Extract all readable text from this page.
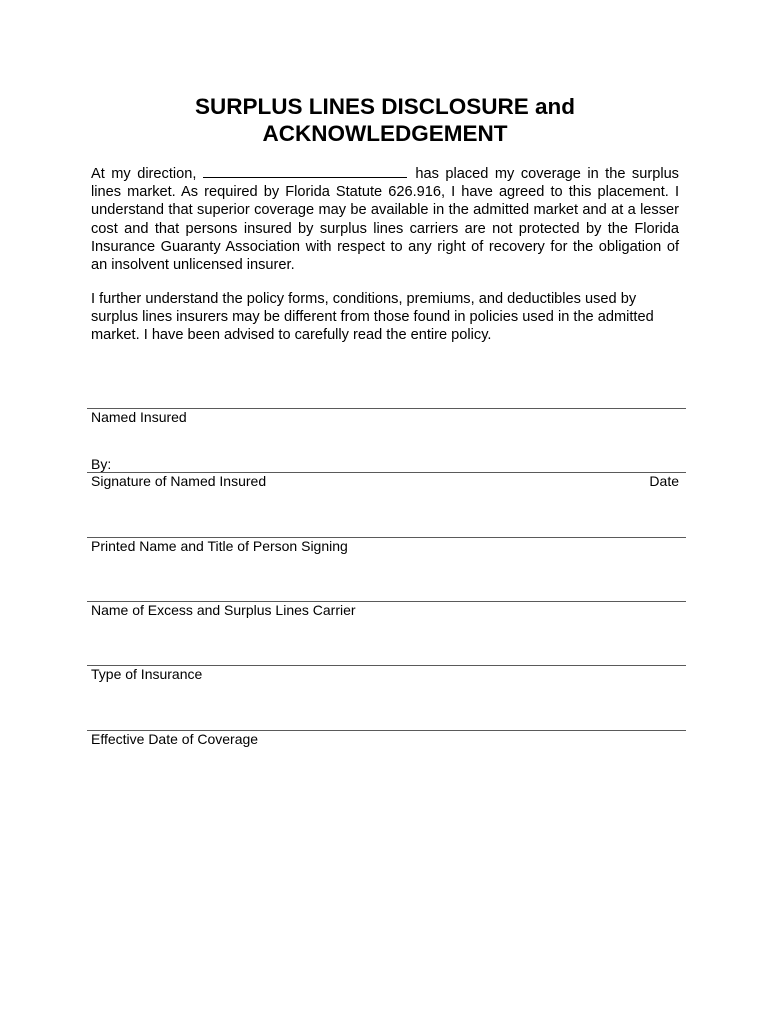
SURPLUS LINES DISCLOSURE and
ACKNOWLEDGEMENT
At my direction,	has placed my coverage in the surplus lines market. As required by Florida Statute 626.916, I have agreed to this placement. I understand that superior coverage may be available in the admitted market and at a lesser cost and that persons insured by surplus lines carriers are not protected by the Florida Insurance Guaranty Association with respect to any right of recovery for the obligation of an insolvent unlicensed insurer.
I further understand the policy forms, conditions, premiums, and deductibles used by surplus lines insurers may be different from those found in policies used in the admitted market. I have been advised to carefully read the entire policy.
Named Insured
By:
Signature of Named Insured	Date
Printed Name and Title of Person Signing
Name of Excess and Surplus Lines Carrier
Type of Insurance
Effective Date of Coverage
